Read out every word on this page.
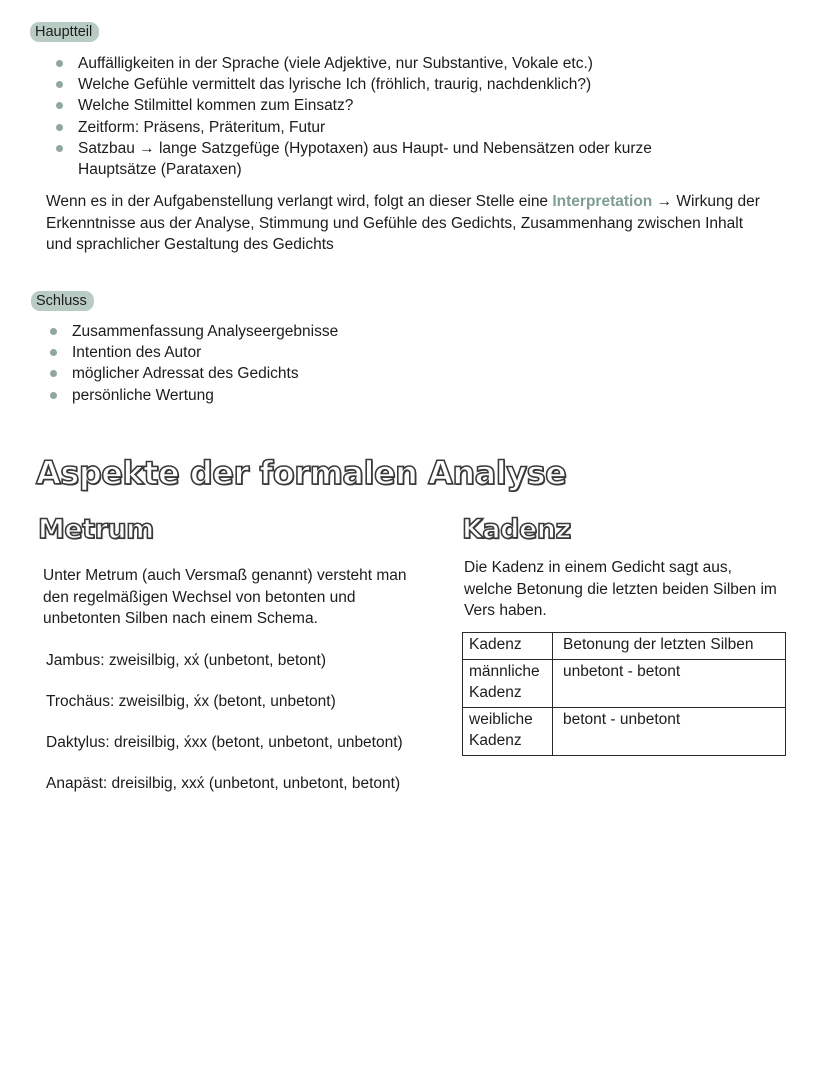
Hauptteil
Auffälligkeiten in der Sprache (viele Adjektive, nur Substantive, Vokale etc.)
Welche Gefühle vermittelt das lyrische Ich (fröhlich, traurig, nachdenklich?)
Welche Stilmittel kommen zum Einsatz?
Zeitform: Präsens, Präteritum, Futur
Satzbau → lange Satzgefüge (Hypotaxen) aus Haupt- und Nebensätzen oder kurze Hauptsätze (Parataxen)

Wenn es in der Aufgabenstellung verlangt wird, folgt an dieser Stelle eine Interpretation → Wirkung der Erkenntnisse aus der Analyse, Stimmung und Gefühle des Gedichts, Zusammenhang zwischen Inhalt und sprachlicher Gestaltung des Gedichts

Schluss
Zusammenfassung Analyseergebnisse
Intention des Autor
möglicher Adressat des Gedichts
persönliche Wertung
Aspekte der formalen Analyse
Metrum

Unter Metrum (auch Versmaß genannt) versteht man den regelmäßigen Wechsel von betonten und unbetonten Silben nach einem Schema.

Jambus: zweisilbig, xx́ (unbetont, betont)

Trochäus: zweisilbig, x́x (betont, unbetont)

Daktylus: dreisilbig, x́xx (betont, unbetont, unbetont)

Anapäst: dreisilbig, xxx́ (unbetont, unbetont, betont)

Kadenz

Die Kadenz in einem Gedicht sagt aus, welche Betonung die letzten beiden Silben im Vers haben.

Kadenz	Betonung der letzten Silben
männliche Kadenz	unbetont - betont
weibliche Kadenz	betont - unbetont
